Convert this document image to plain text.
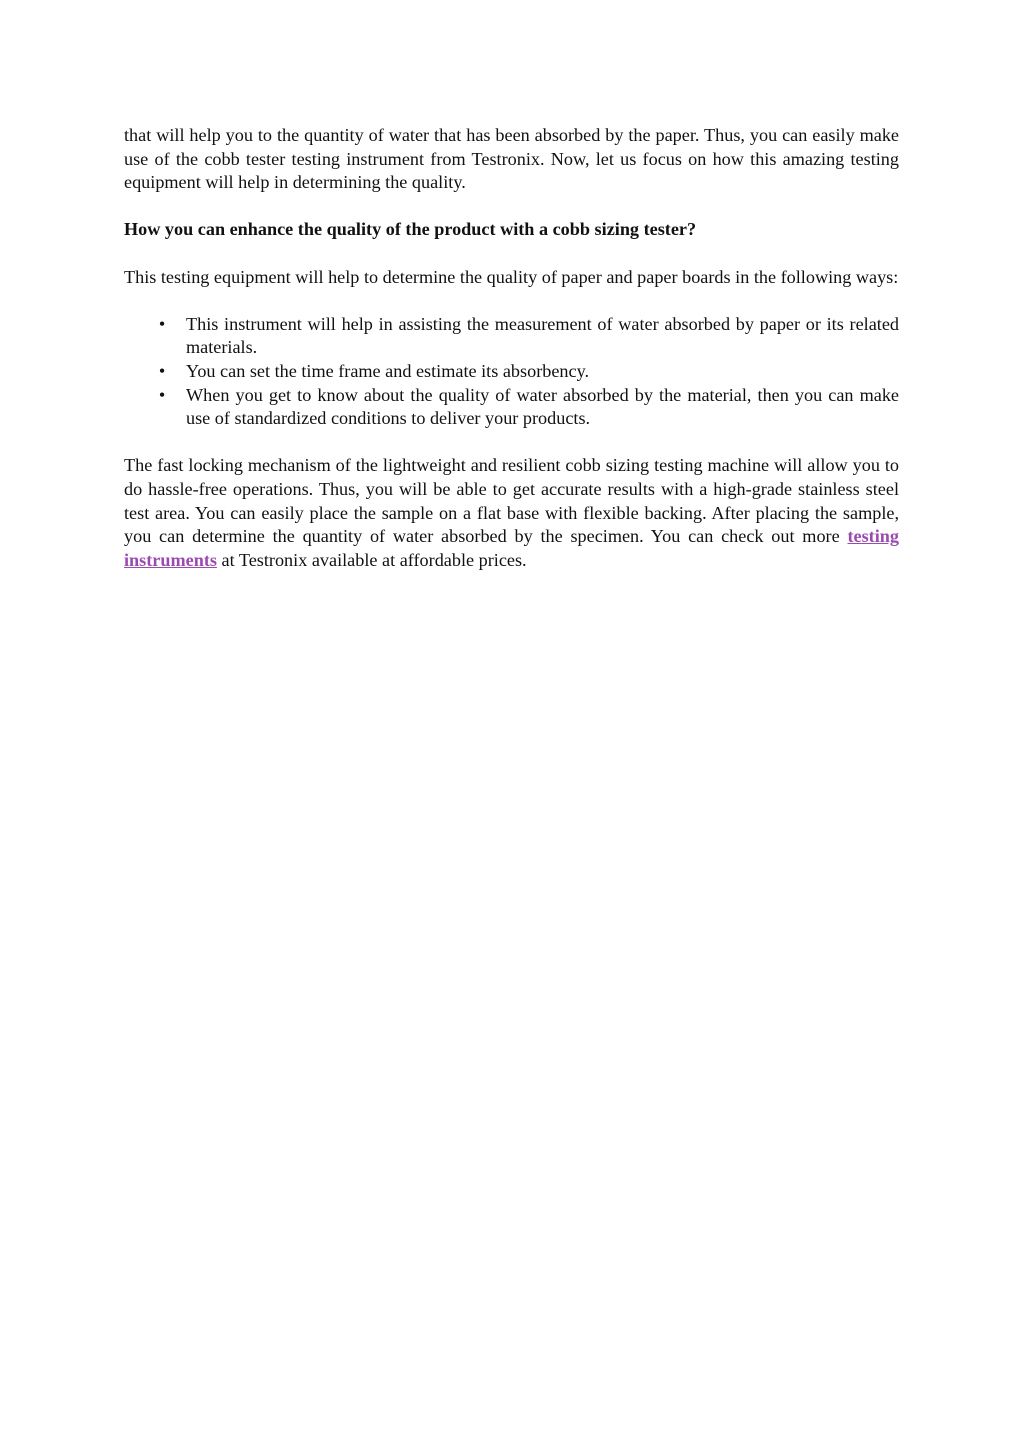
that will help you to the quantity of water that has been absorbed by the paper. Thus, you can easily make use of the cobb tester testing instrument from Testronix. Now, let us focus on how this amazing testing equipment will help in determining the quality.

How you can enhance the quality of the product with a cobb sizing tester?

This testing equipment will help to determine the quality of paper and paper boards in the following ways:

• This instrument will help in assisting the measurement of water absorbed by paper or its related materials.
• You can set the time frame and estimate its absorbency.
• When you get to know about the quality of water absorbed by the material, then you can make use of standardized conditions to deliver your products.

The fast locking mechanism of the lightweight and resilient cobb sizing testing machine will allow you to do hassle-free operations. Thus, you will be able to get accurate results with a high-grade stainless steel test area. You can easily place the sample on a flat base with flexible backing. After placing the sample, you can determine the quantity of water absorbed by the specimen. You can check out more testing instruments at Testronix available at affordable prices.
